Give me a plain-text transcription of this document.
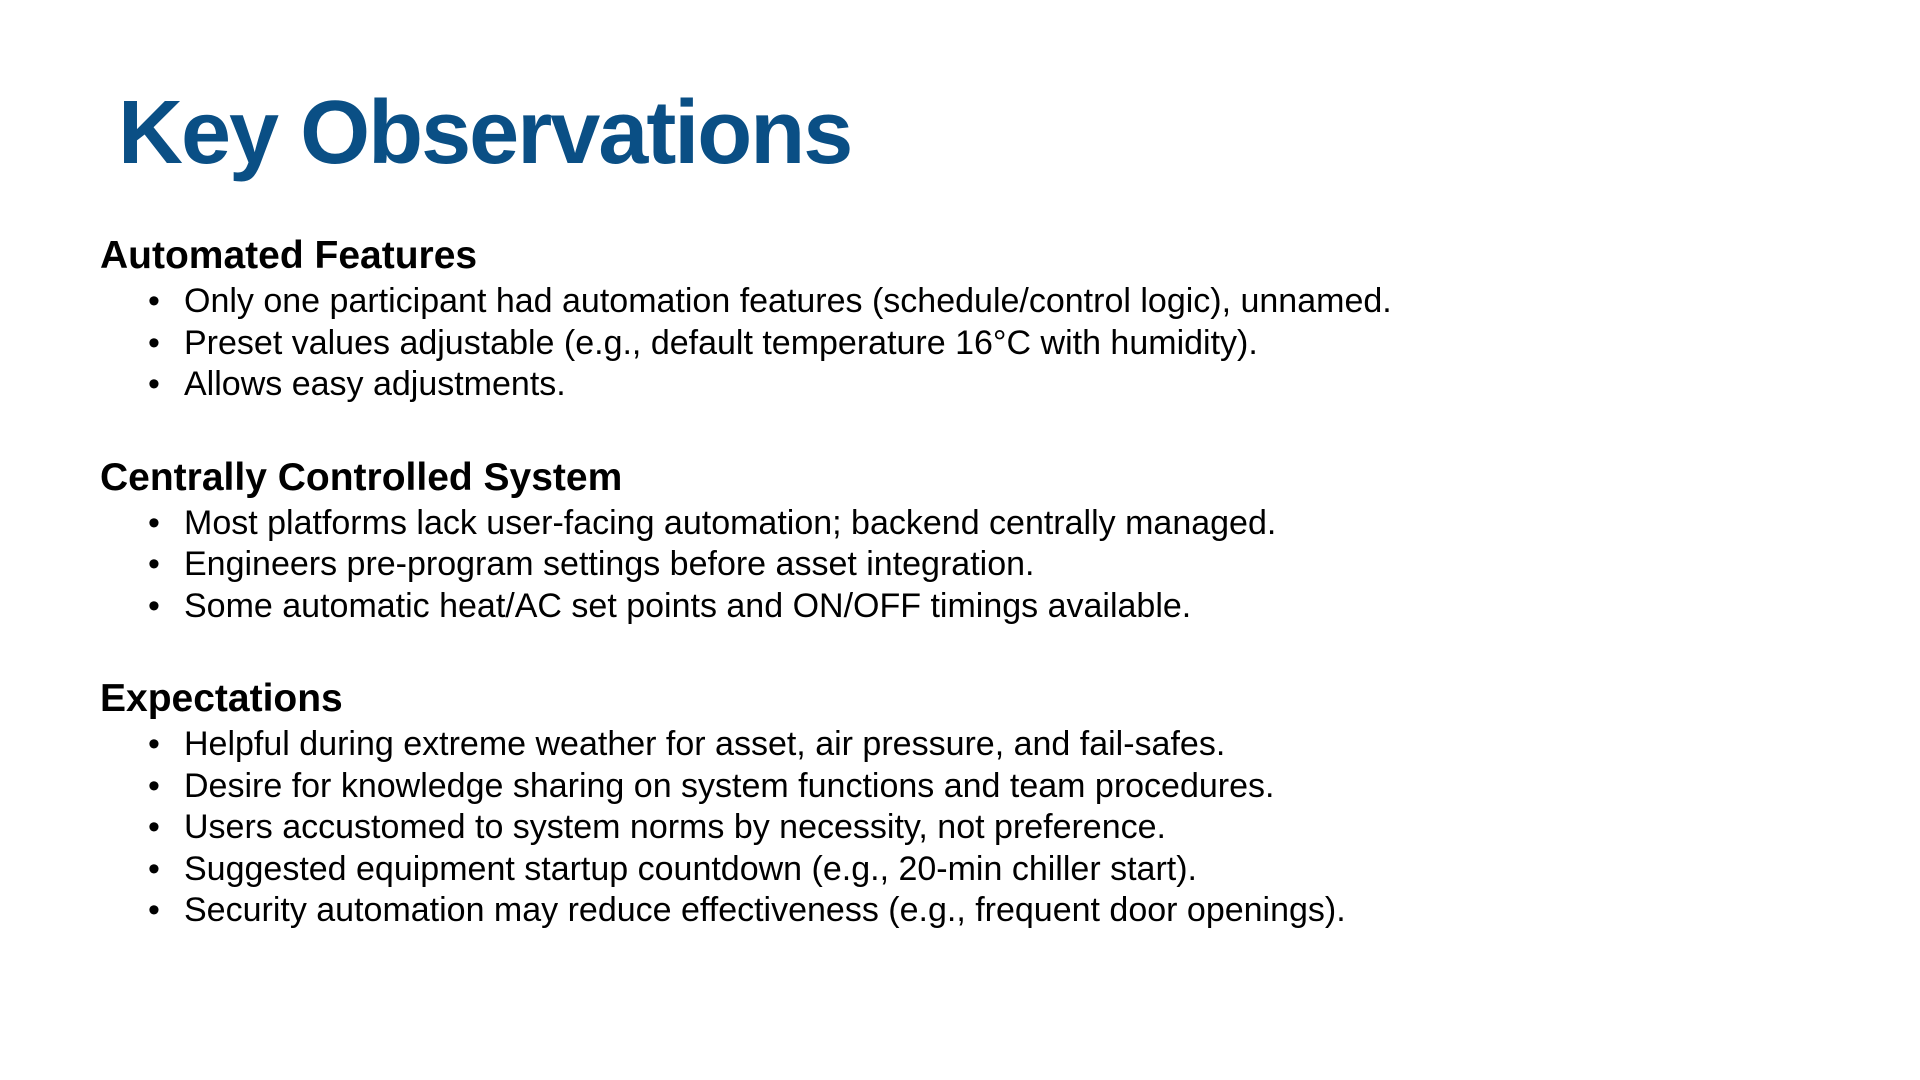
Key Observations
Automated Features
• Only one participant had automation features (schedule/control logic), unnamed.
• Preset values adjustable (e.g., default temperature 16°C with humidity).
• Allows easy adjustments.
Centrally Controlled System
• Most platforms lack user-facing automation; backend centrally managed.
• Engineers pre-program settings before asset integration.
• Some automatic heat/AC set points and ON/OFF timings available.
Expectations
• Helpful during extreme weather for asset, air pressure, and fail-safes.
• Desire for knowledge sharing on system functions and team procedures.
• Users accustomed to system norms by necessity, not preference.
• Suggested equipment startup countdown (e.g., 20-min chiller start).
• Security automation may reduce effectiveness (e.g., frequent door openings).
